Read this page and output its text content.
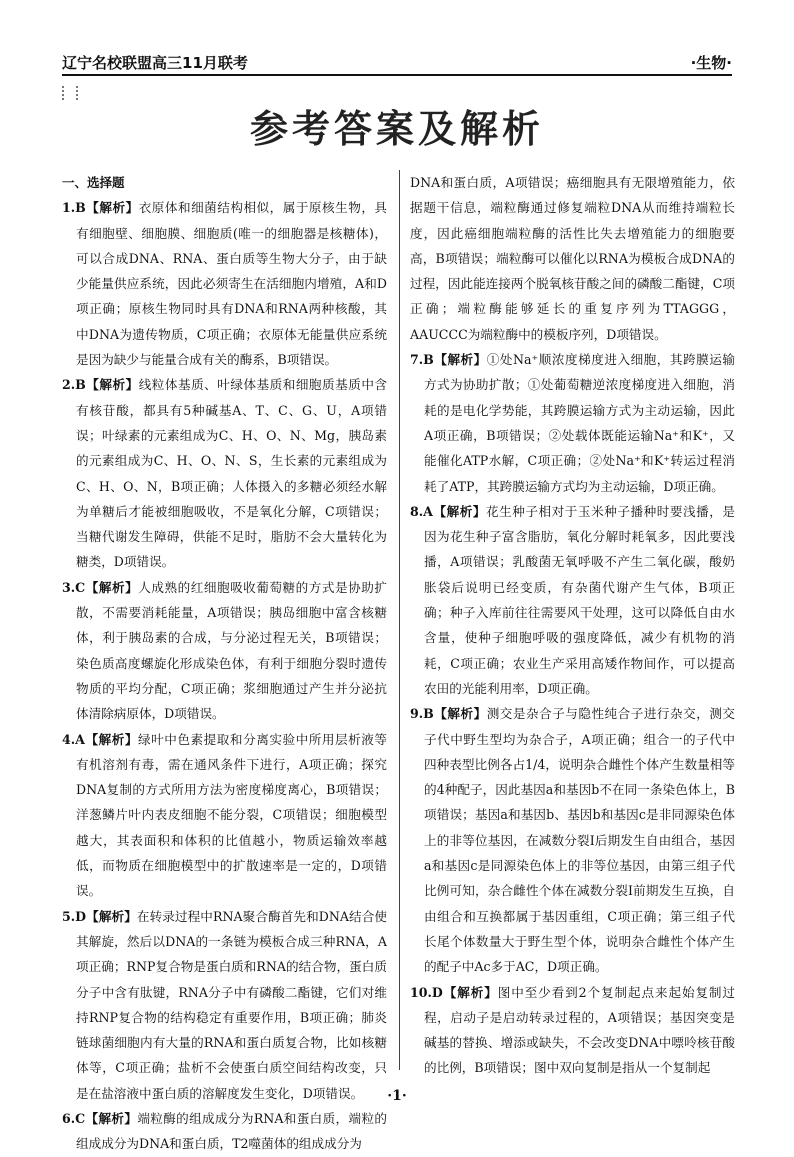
辽宁名校联盟高三11月联考	·生物·
参考答案及解析
一、选择题
1.B【解析】衣原体和细菌结构相似，属于原核生物，具有细胞壁、细胞膜、细胞质(唯一的细胞器是核糖体)，可以合成DNA、RNA、蛋白质等生物大分子，由于缺少能量供应系统，因此必须寄生在活细胞内增殖，A和D项正确；原核生物同时具有DNA和RNA两种核酸，其中DNA为遗传物质，C项正确；衣原体无能量供应系统是因为缺少与能量合成有关的酶系，B项错误。
2.B【解析】线粒体基质、叶绿体基质和细胞质基质中含有核苷酸，都具有5种碱基A、T、C、G、U，A项错误；叶绿素的元素组成为C、H、O、N、Mg，胰岛素的元素组成为C、H、O、N、S，生长素的元素组成为C、H、O、N，B项正确；人体摄入的多糖必须经水解为单糖后才能被细胞吸收，不是氧化分解，C项错误；当糖代谢发生障碍，供能不足时，脂肪不会大量转化为糖类，D项错误。
3.C【解析】人成熟的红细胞吸收葡萄糖的方式是协助扩散，不需要消耗能量，A项错误；胰岛细胞中富含核糖体，利于胰岛素的合成，与分泌过程无关，B项错误；染色质高度螺旋化形成染色体，有利于细胞分裂时遗传物质的平均分配，C项正确；浆细胞通过产生并分泌抗体清除病原体，D项错误。
4.A【解析】绿叶中色素提取和分离实验中所用层析液等有机溶剂有毒，需在通风条件下进行，A项正确；探究DNA复制的方式所用方法为密度梯度离心，B项错误；洋葱鳞片叶内表皮细胞不能分裂，C项错误；细胞模型越大，其表面积和体积的比值越小，物质运输效率越低，而物质在细胞模型中的扩散速率是一定的，D项错误。
5.D【解析】在转录过程中RNA聚合酶首先和DNA结合使其解旋，然后以DNA的一条链为模板合成三种RNA，A项正确；RNP复合物是蛋白质和RNA的结合物，蛋白质分子中含有肽键，RNA分子中有磷酸二酯键，它们对维持RNP复合物的结构稳定有重要作用，B项正确；肺炎链球菌细胞内有大量的RNA和蛋白质复合物，比如核糖体等，C项正确；盐析不会使蛋白质空间结构改变，只是在盐溶液中蛋白质的溶解度发生变化，D项错误。
6.C【解析】端粒酶的组成成分为RNA和蛋白质，端粒的组成成分为DNA和蛋白质，T2噬菌体的组成成分为
DNA和蛋白质，A项错误；癌细胞具有无限增殖能力，依据题干信息，端粒酶通过修复端粒DNA从而维持端粒长度，因此癌细胞端粒酶的活性比失去增殖能力的细胞要高，B项错误；端粒酶可以催化以RNA为模板合成DNA的过程，因此能连接两个脱氧核苷酸之间的磷酸二酯键，C项正确；端粒酶能够延长的重复序列为TTAGGG，AAUCCC为端粒酶中的模板序列，D项错误。
7.B【解析】①处Na⁺顺浓度梯度进入细胞，其跨膜运输方式为协助扩散；①处葡萄糖逆浓度梯度进入细胞，消耗的是电化学势能，其跨膜运输方式为主动运输，因此A项正确，B项错误；②处载体既能运输Na⁺和K⁺，又能催化ATP水解，C项正确；②处Na⁺和K⁺转运过程消耗了ATP，其跨膜运输方式均为主动运输，D项正确。
8.A【解析】花生种子相对于玉米种子播种时要浅播，是因为花生种子富含脂肪，氧化分解时耗氧多，因此要浅播，A项错误；乳酸菌无氧呼吸不产生二氧化碳，酸奶胀袋后说明已经变质，有杂菌代谢产生气体，B项正确；种子入库前往往需要风干处理，这可以降低自由水含量，使种子细胞呼吸的强度降低，减少有机物的消耗，C项正确；农业生产采用高矮作物间作，可以提高农田的光能利用率，D项正确。
9.B【解析】测交是杂合子与隐性纯合子进行杂交，测交子代中野生型均为杂合子，A项正确；组合一的子代中四种表型比例各占1/4，说明杂合雌性个体产生数量相等的4种配子，因此基因a和基因b不在同一条染色体上，B项错误；基因a和基因b、基因b和基因c是非同源染色体上的非等位基因，在减数分裂Ⅰ后期发生自由组合，基因a和基因c是同源染色体上的非等位基因，由第三组子代比例可知，杂合雌性个体在减数分裂Ⅰ前期发生互换，自由组合和互换都属于基因重组，C项正确；第三组子代长尾个体数量大于野生型个体，说明杂合雌性个体产生的配子中Ac多于AC，D项正确。
10.D【解析】图中至少看到2个复制起点来起始复制过程，启动子是启动转录过程的，A项错误；基因突变是碱基的替换、增添或缺失，不会改变DNA中嘌呤核苷酸的比例，B项错误；图中双向复制是指从一个复制起
·1·
